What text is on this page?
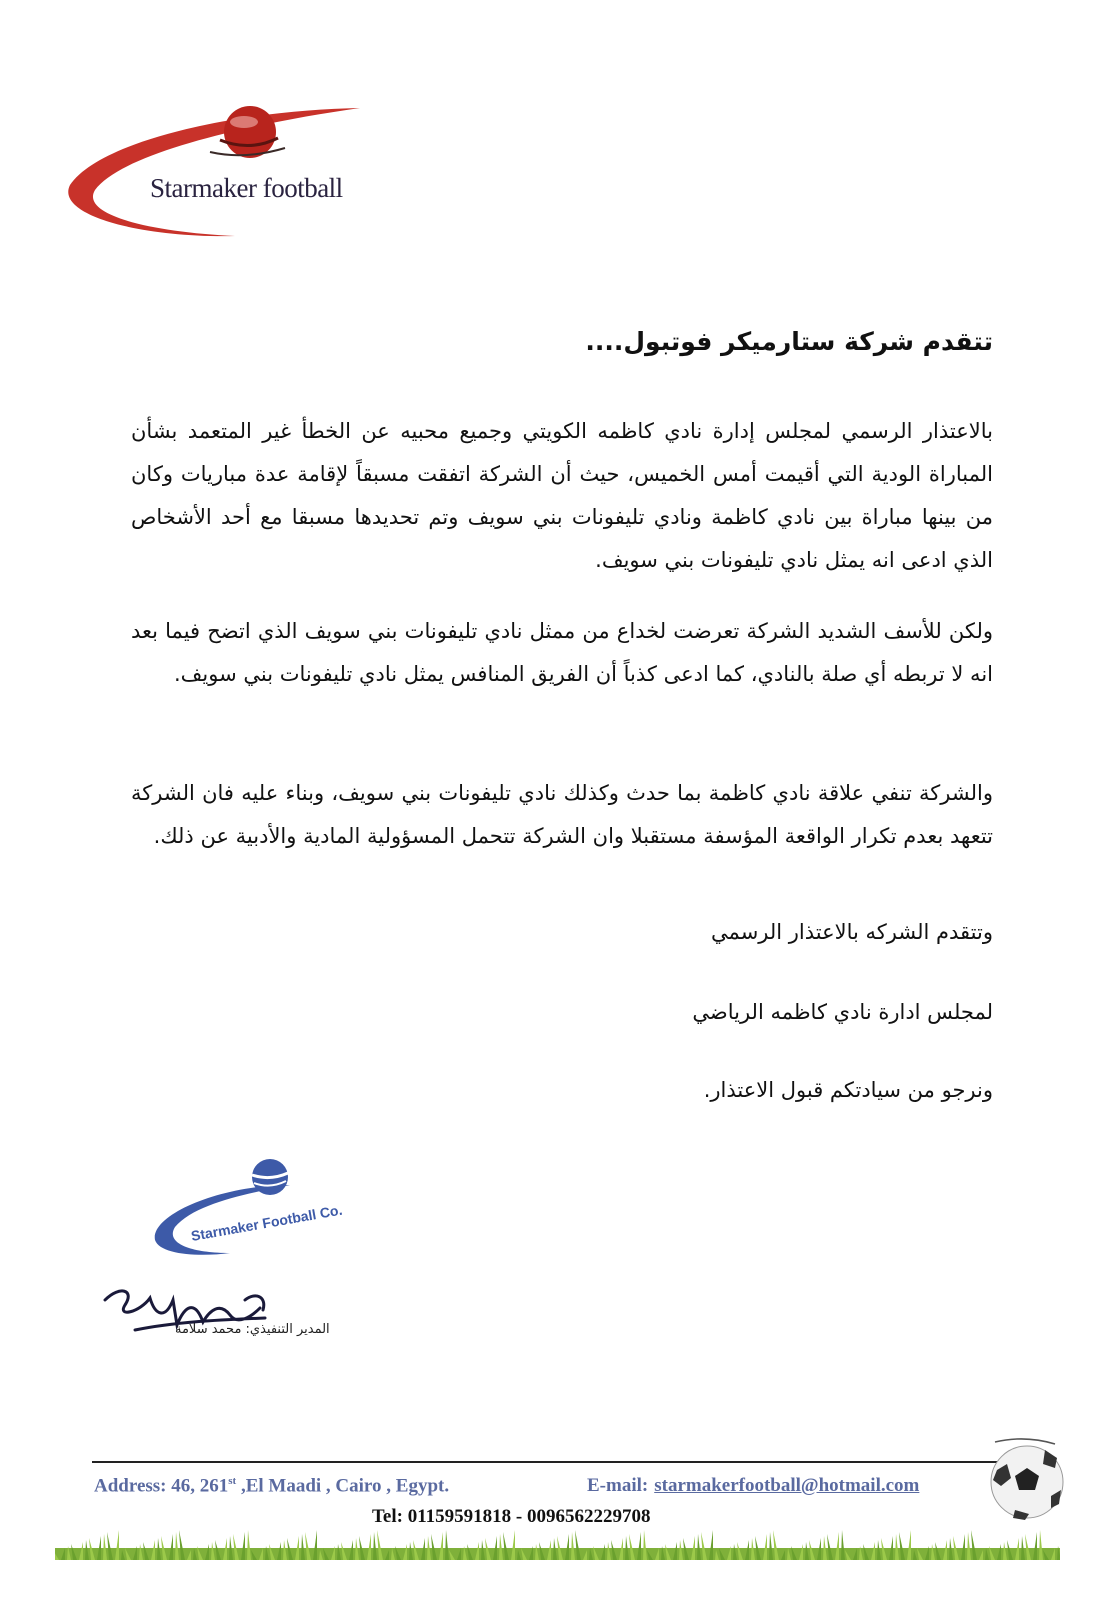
Starmaker football
تتقدم شركة ستارميكر فوتبول....

بالاعتذار الرسمي لمجلس إدارة نادي كاظمه الكويتي وجميع محبيه عن الخطأ غير المتعمد بشأن المباراة الودية التي أقيمت أمس الخميس، حيث أن الشركة اتفقت مسبقاً لإقامة عدة مباريات وكان من بينها مباراة بين نادي كاظمة ونادي تليفونات بني سويف وتم تحديدها مسبقا مع أحد الأشخاص الذي ادعى انه يمثل نادي تليفونات بني سويف.

ولكن للأسف الشديد الشركة تعرضت لخداع من ممثل نادي تليفونات بني سويف الذي اتضح فيما بعد انه لا تربطه أي صلة بالنادي، كما ادعى كذباً أن الفريق المنافس يمثل نادي تليفونات بني سويف.

والشركة تنفي علاقة نادي كاظمة بما حدث وكذلك نادي تليفونات بني سويف، وبناء عليه فان الشركة تتعهد بعدم تكرار الواقعة المؤسفة مستقبلا وان الشركة تتحمل المسؤولية المادية والأدبية عن ذلك.

وتتقدم الشركه بالاعتذار الرسمي
لمجلس ادارة نادي كاظمه الرياضي
ونرجو من سيادتكم قبول الاعتذار.
Starmaker Football Co.
المدير التنفيذي: محمد سلامة
Address: 46, 261st ,El Maadi , Cairo , Egypt.	E-mail: starmakerfootball@hotmail.com
Tel: 01159591818 - 0096562229708
